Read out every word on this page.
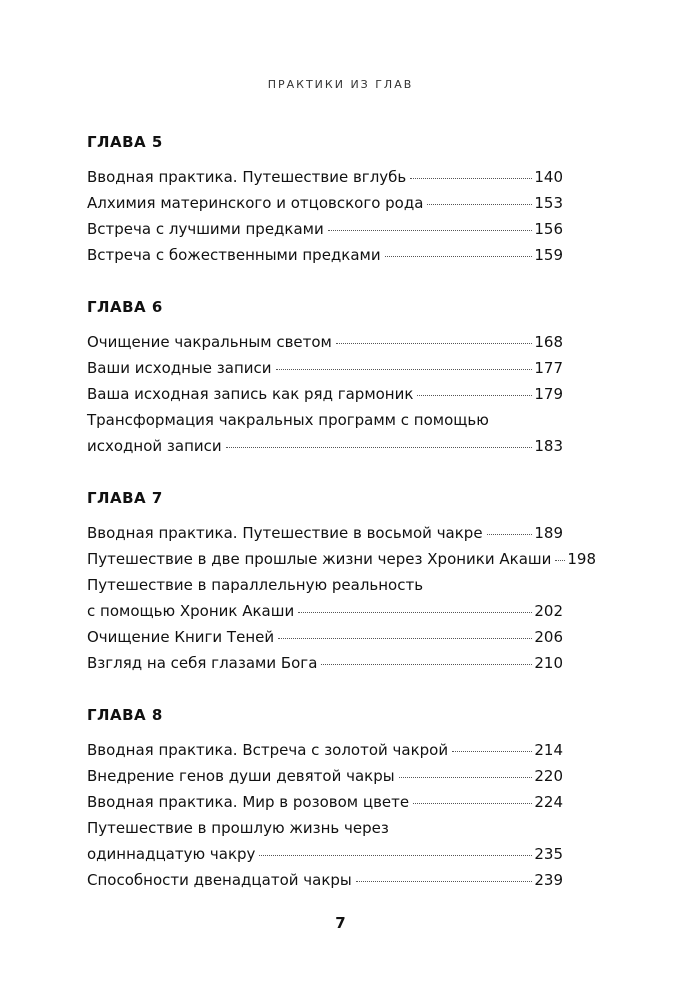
ПРАКТИКИ ИЗ ГЛАВ
ГЛАВА 5
Вводная практика. Путешествие вглубь	140
Алхимия материнского и отцовского рода	153
Встреча с лучшими предками	156
Встреча с божественными предками	159
ГЛАВА 6
Очищение чакральным светом	168
Ваши исходные записи	177
Ваша исходная запись как ряд гармоник	179
Трансформация чакральных программ с помощью
исходной записи	183
ГЛАВА 7
Вводная практика. Путешествие в восьмой чакре	189
Путешествие в две прошлые жизни через Хроники Акаши 198
Путешествие в параллельную реальность
с помощью Хроник Акаши	202
Очищение Книги Теней	206
Взгляд на себя глазами Бога	210
ГЛАВА 8
Вводная практика. Встреча с золотой чакрой	214
Внедрение генов души девятой чакры	220
Вводная практика. Мир в розовом цвете	224
Путешествие в прошлую жизнь через
одиннадцатую чакру	235
Способности двенадцатой чакры	239
7
